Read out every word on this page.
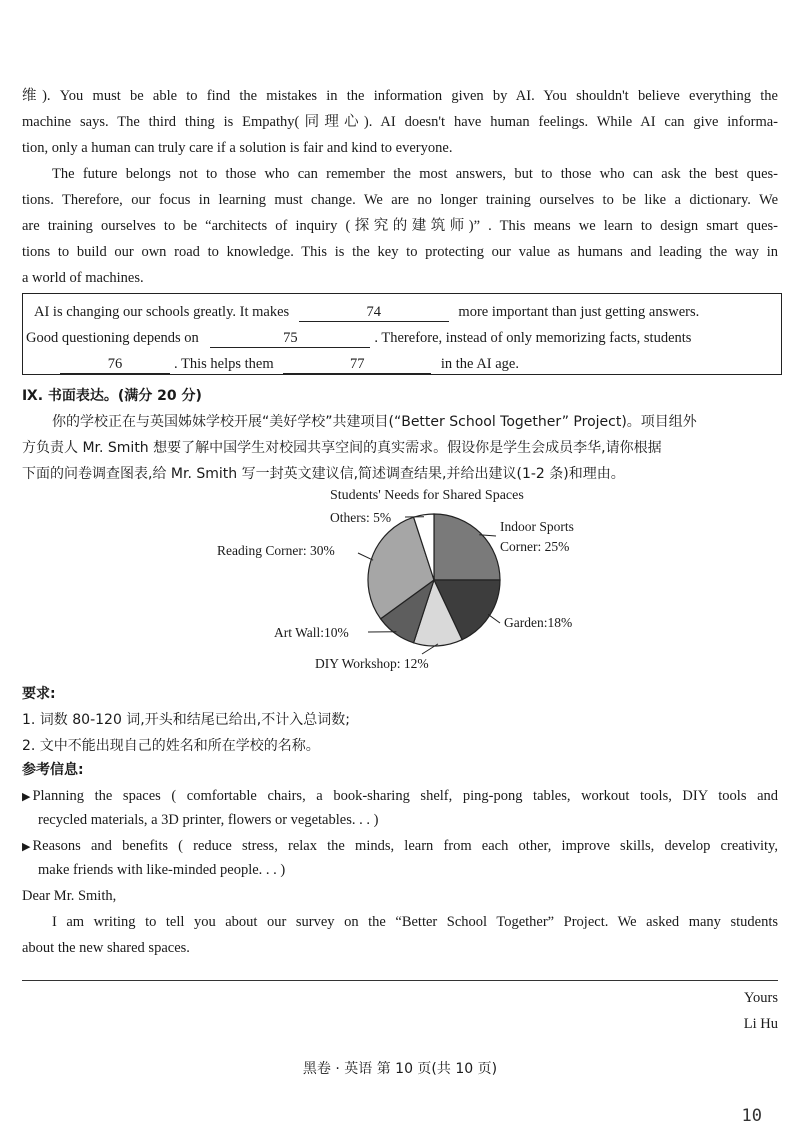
维). You must be able to find the mistakes in the information given by AI. You shouldn't believe everything the
machine says. The third thing is Empathy(同理心). AI doesn't have human feelings. While AI can give informa-
tion, only a human can truly care if a solution is fair and kind to everyone.
The future belongs not to those who can remember the most answers, but to those who can ask the best ques-
tions. Therefore, our focus in learning must change. We are no longer training ourselves to be like a dictionary. We
are training ourselves to be “architects of inquiry (探究的建筑师)” . This means we learn to design smart ques-
tions to build our own road to knowledge. This is the key to protecting our value as humans and leading the way in
a world of machines.
AI is changing our schools greatly. It makes	74	more important than just getting answers.
Good questioning depends on	75	. Therefore, instead of only memorizing facts, students
76	. This helps them	77	in the AI age.
Ⅸ. 书面表达。(满分 20 分)
你的学校正在与英国姊妹学校开展“美好学校”共建项目(“Better School Together” Project)。项目组外
方负责人 Mr. Smith 想要了解中国学生对校园共享空间的真实需求。假设你是学生会成员李华,请你根据
下面的问卷调查图表,给 Mr. Smith 写一封英文建议信,简述调查结果,并给出建议(1-2 条)和理由。
Students' Needs for Shared Spaces
Indoor Sports
Corner: 25%
Garden:18%
DIY Workshop: 12%
Art Wall:10%
Reading Corner: 30%
Others: 5%
要求:
1. 词数 80-120 词,开头和结尾已给出,不计入总词数;
2. 文中不能出现自己的姓名和所在学校的名称。
参考信息:
▶ Planning the spaces ( comfortable chairs, a book-sharing shelf, ping-pong tables, workout tools, DIY tools and
recycled materials, a 3D printer, flowers or vegetables. . . )
▶ Reasons and benefits ( reduce stress, relax the minds, learn from each other, improve skills, develop creativity,
make friends with like-minded people. . . )
Dear Mr. Smith,
I am writing to tell you about our survey on the “Better School Together” Project. We asked many students
about the new shared spaces.
Yours
Li Hu
黑卷 · 英语 第 10 页(共 10 页)
10
